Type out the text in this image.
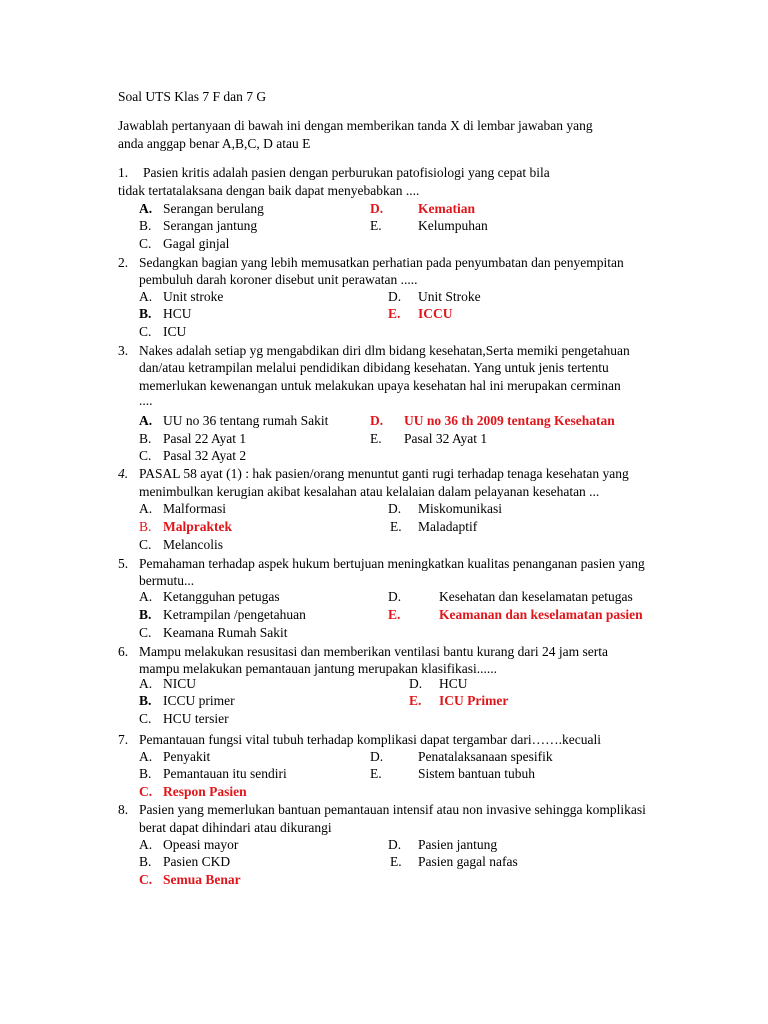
Soal UTS Klas 7 F dan 7 G
Jawablah pertanyaan di bawah ini dengan memberikan tanda X di lembar jawaban yang
anda anggap benar A,B,C, D atau E
1. Pasien kritis adalah pasien dengan perburukan patofisiologi yang cepat bila
tidak tertatalaksana dengan baik dapat menyebabkan ....
A. Serangan berulang	D.	Kematian
B. Serangan jantung	E.	Kelumpuhan
C. Gagal ginjal
2. Sedangkan bagian yang lebih memusatkan perhatian pada penyumbatan dan penyempitan
pembuluh darah koroner disebut unit perawatan .....
A. Unit stroke	D. Unit Stroke
B. HCU	E. ICCU
C. ICU
3. Nakes adalah setiap yg mengabdikan diri dlm bidang kesehatan,Serta memiki pengetahuan
dan/atau ketrampilan melalui pendidikan dibidang kesehatan. Yang untuk jenis tertentu
memerlukan kewenangan untuk melakukan upaya kesehatan hal ini merupakan cerminan
....
A. UU no 36 tentang rumah Sakit	D. UU no 36 th 2009 tentang Kesehatan
B. Pasal 22 Ayat 1	E. Pasal 32 Ayat 1
C. Pasal 32 Ayat 2
4. PASAL 58 ayat (1) : hak pasien/orang menuntut ganti rugi terhadap tenaga kesehatan yang
menimbulkan kerugian akibat kesalahan atau kelalaian dalam pelayanan kesehatan ...
A. Malformasi	D. Miskomunikasi
B. Malpraktek	E. Maladaptif
C. Melancolis
5. Pemahaman terhadap aspek hukum bertujuan meningkatkan kualitas penanganan pasien yang
bermutu...
A. Ketangguhan petugas	D.	Kesehatan dan keselamatan petugas
B. Ketrampilan /pengetahuan	E.	Keamanan dan keselamatan pasien
C. Keamana Rumah Sakit
6. Mampu melakukan resusitasi dan memberikan ventilasi bantu kurang dari 24 jam serta
mampu melakukan pemantauan jantung merupakan klasifikasi......
A. NICU	D. HCU
B. ICCU primer	E. ICU Primer
C. HCU tersier
7. Pemantauan fungsi vital tubuh terhadap komplikasi dapat tergambar dari…….kecuali
A. Penyakit	D.	Penatalaksanaan spesifik
B. Pemantauan itu sendiri	E.	Sistem bantuan tubuh
C. Respon Pasien
8. Pasien yang memerlukan bantuan pemantauan intensif atau non invasive sehingga komplikasi
berat dapat dihindari atau dikurangi
A. Opeasi mayor	D. Pasien jantung
B. Pasien CKD	E. Pasien gagal nafas
C. Semua Benar
